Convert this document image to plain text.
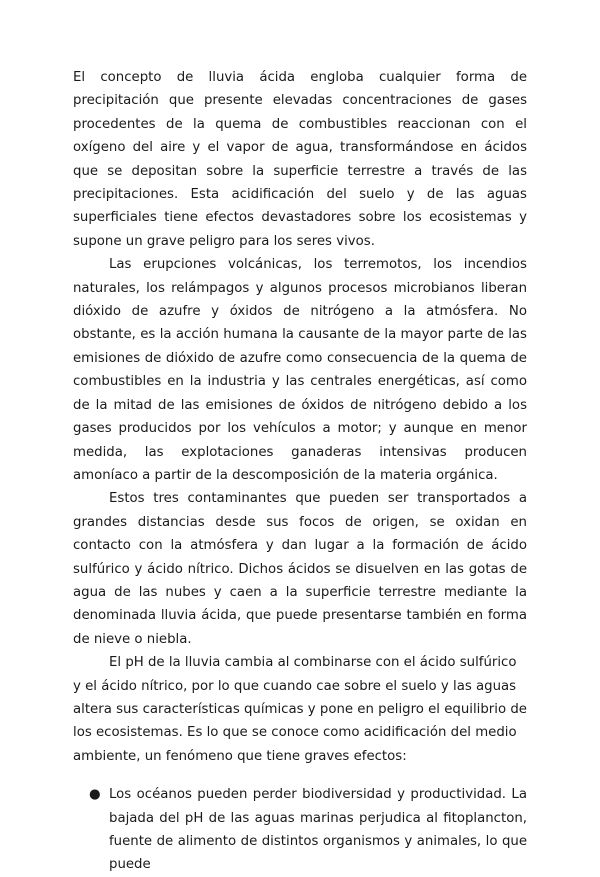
El concepto de lluvia ácida engloba cualquier forma de precipitación que presente elevadas concentraciones de gases procedentes de la quema de combustibles reaccionan con el oxígeno del aire y el vapor de agua, transformándose en ácidos que se depositan sobre la superficie terrestre a través de las precipitaciones. Esta acidificación del suelo y de las aguas superficiales tiene efectos devastadores sobre los ecosistemas y supone un grave peligro para los seres vivos.

Las erupciones volcánicas, los terremotos, los incendios naturales, los relámpagos y algunos procesos microbianos liberan dióxido de azufre y óxidos de nitrógeno a la atmósfera. No obstante, es la acción humana la causante de la mayor parte de las emisiones de dióxido de azufre como consecuencia de la quema de combustibles en la industria y las centrales energéticas, así como de la mitad de las emisiones de óxidos de nitrógeno debido a los gases producidos por los vehículos a motor; y aunque en menor medida, las explotaciones ganaderas intensivas producen amoníaco a partir de la descomposición de la materia orgánica.

Estos tres contaminantes que pueden ser transportados a grandes distancias desde sus focos de origen, se oxidan en contacto con la atmósfera y dan lugar a la formación de ácido sulfúrico y ácido nítrico. Dichos ácidos se disuelven en las gotas de agua de las nubes y caen a la superficie terrestre mediante la denominada lluvia ácida, que puede presentarse también en forma de nieve o niebla.

El pH de la lluvia cambia al combinarse con el ácido sulfúrico y el ácido nítrico, por lo que cuando cae sobre el suelo y las aguas altera sus características químicas y pone en peligro el equilibrio de los ecosistemas. Es lo que se conoce como acidificación del medio ambiente, un fenómeno que tiene graves efectos:

● Los océanos pueden perder biodiversidad y productividad. La bajada del pH de las aguas marinas perjudica al fitoplancton, fuente de alimento de distintos organismos y animales, lo que puede
